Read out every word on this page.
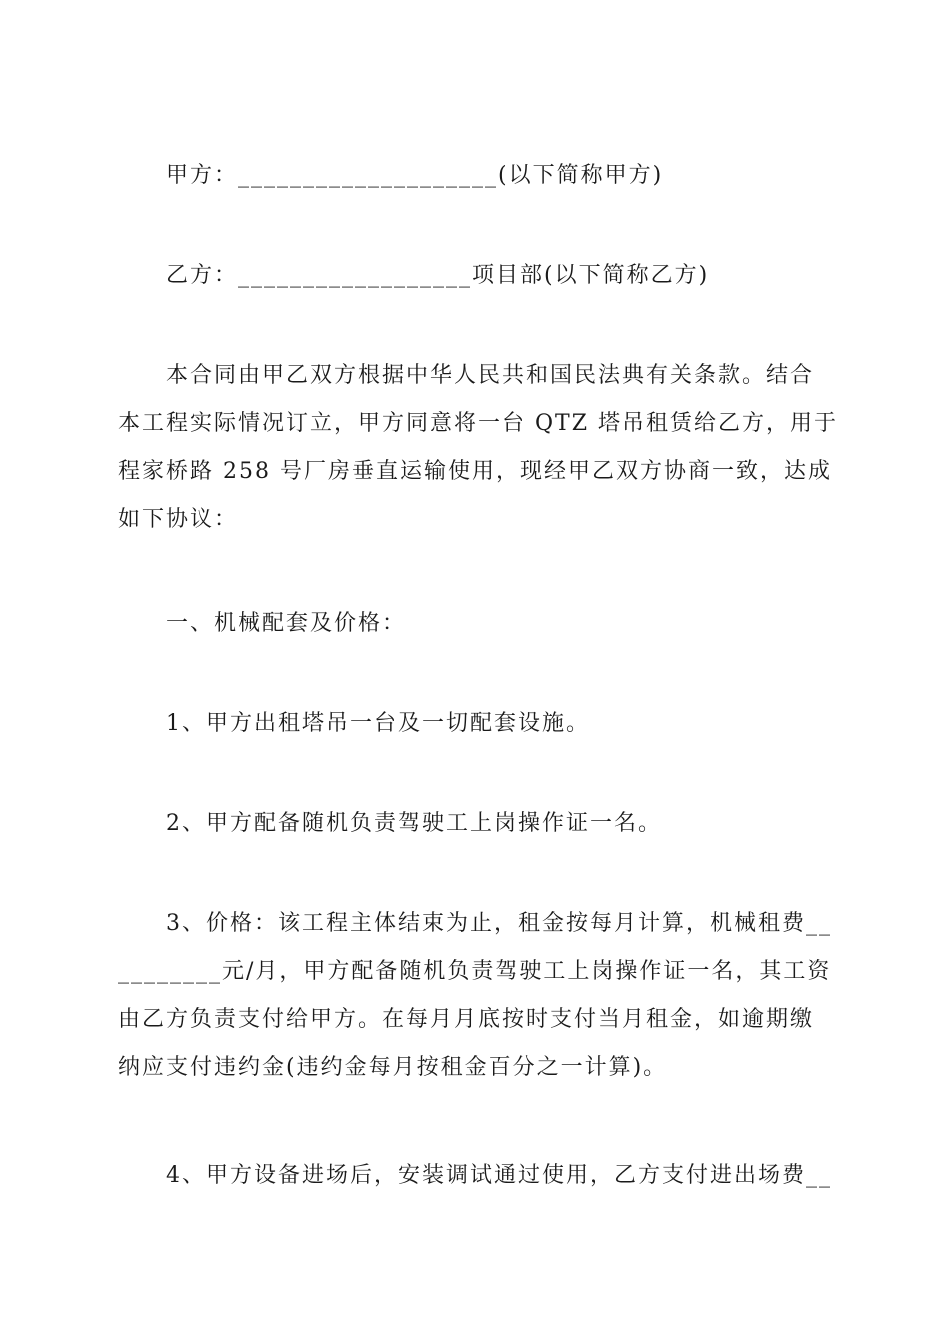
甲方：____________________(以下简称甲方)
乙方：__________________项目部(以下简称乙方)
本合同由甲乙双方根据中华人民共和国民法典有关条款。结合
本工程实际情况订立，甲方同意将一台 QTZ 塔吊租赁给乙方，用于
程家桥路 258 号厂房垂直运输使用，现经甲乙双方协商一致，达成
如下协议：
一、机械配套及价格：
1、甲方出租塔吊一台及一切配套设施。
2、甲方配备随机负责驾驶工上岗操作证一名。
3、价格：该工程主体结束为止，租金按每月计算，机械租费__
________元/月，甲方配备随机负责驾驶工上岗操作证一名，其工资
由乙方负责支付给甲方。在每月月底按时支付当月租金，如逾期缴
纳应支付违约金(违约金每月按租金百分之一计算)。
4、甲方设备进场后，安装调试通过使用，乙方支付进出场费__
